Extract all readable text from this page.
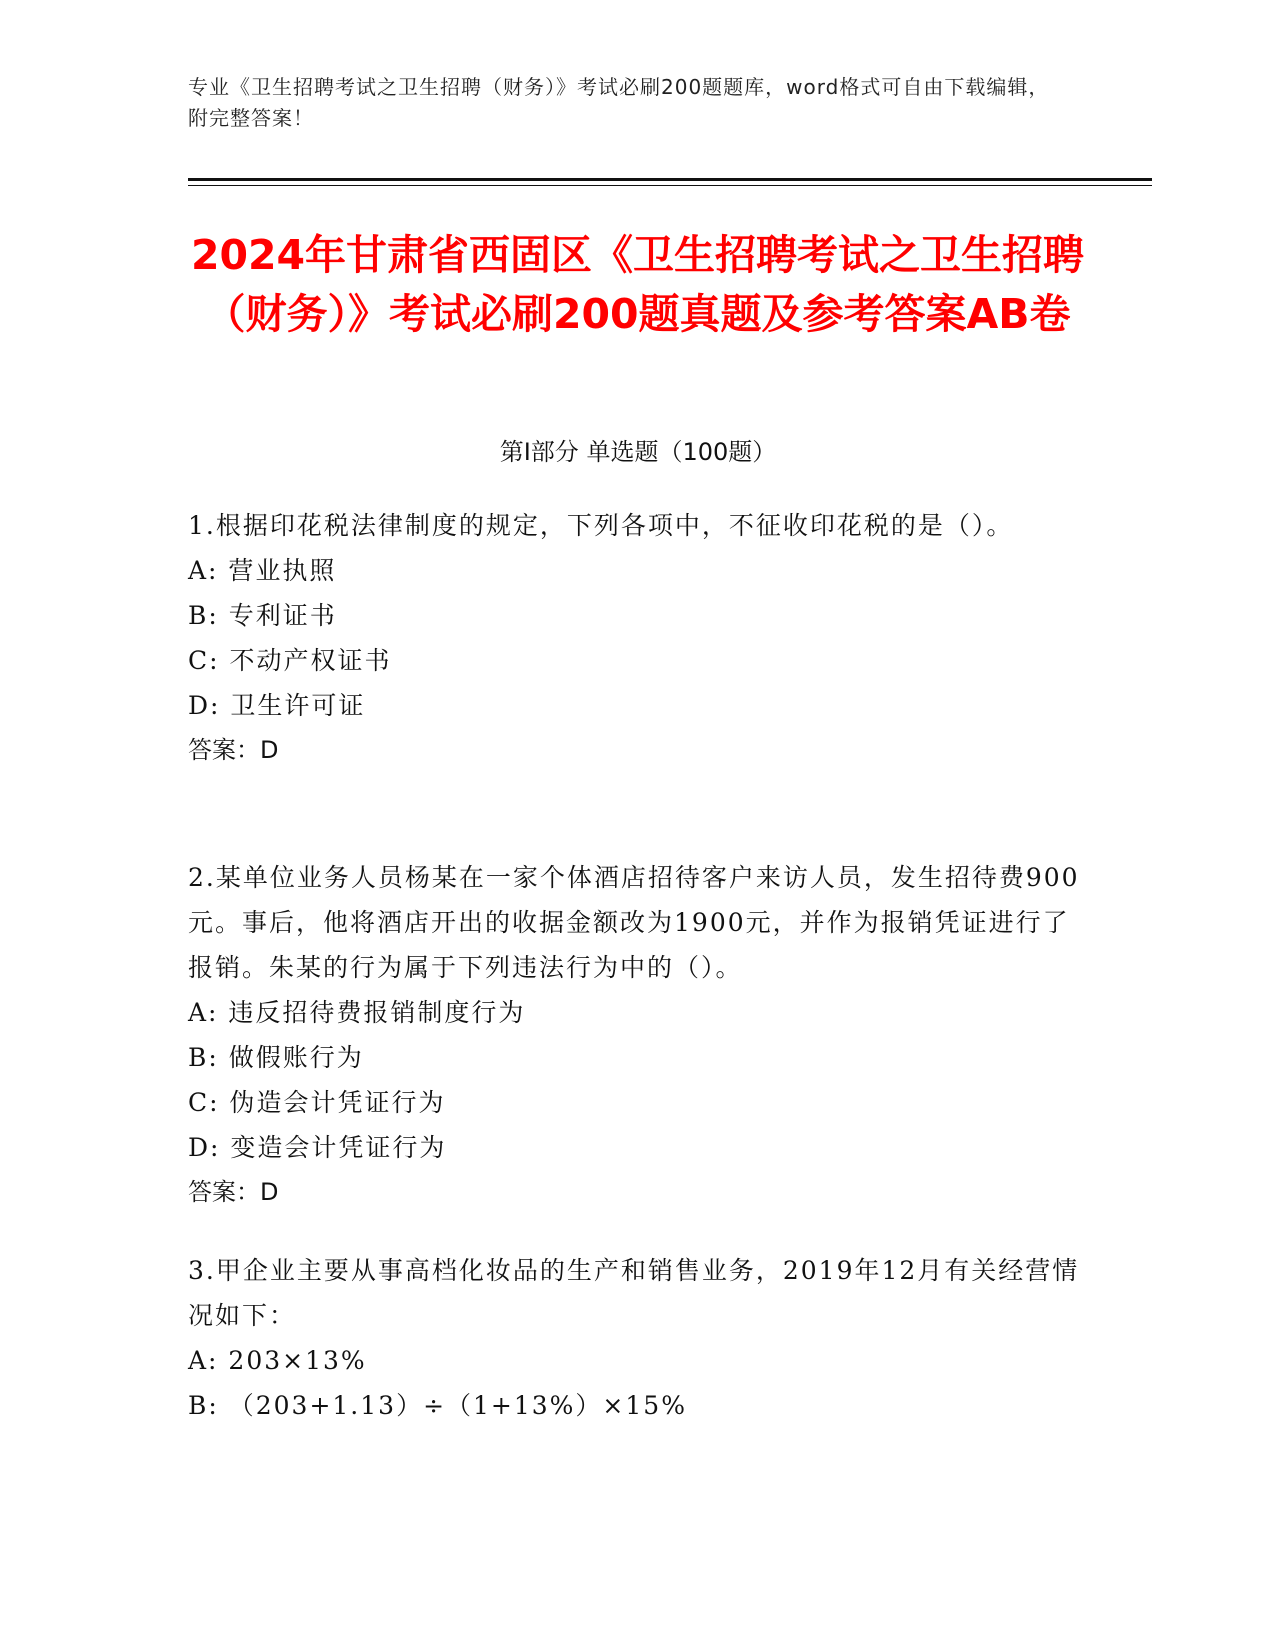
专业《卫生招聘考试之卫生招聘（财务）》考试必刷200题题库，word格式可自由下载编辑，附完整答案！
2024年甘肃省西固区《卫生招聘考试之卫生招聘（财务）》考试必刷200题真题及参考答案AB卷
第Ⅰ部分 单选题（100题）
1.根据印花税法律制度的规定，下列各项中，不征收印花税的是（）。
A: 营业执照
B: 专利证书
C: 不动产权证书
D: 卫生许可证
答案：D
2.某单位业务人员杨某在一家个体酒店招待客户来访人员，发生招待费900元。事后，他将酒店开出的收据金额改为1900元，并作为报销凭证进行了报销。朱某的行为属于下列违法行为中的（）。
A: 违反招待费报销制度行为
B: 做假账行为
C: 伪造会计凭证行为
D: 变造会计凭证行为
答案：D
3.甲企业主要从事高档化妆品的生产和销售业务，2019年12月有关经营情况如下：
A: 203×13%
B: （203+1.13）÷（1+13%）×15%
